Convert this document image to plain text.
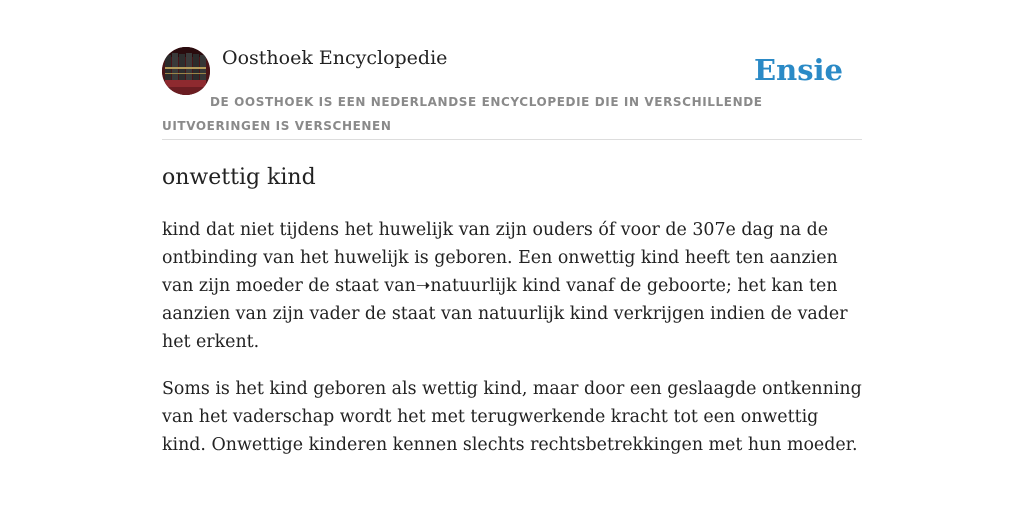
Oosthoek Encyclopedie	Ensie
DE OOSTHOEK IS EEN NEDERLANDSE ENCYCLOPEDIE DIE IN VERSCHILLENDE UITVOERINGEN IS VERSCHENEN
onwettig kind

kind dat niet tijdens het huwelijk van zijn ouders óf voor de 307e dag na de ontbinding van het huwelijk is geboren. Een onwettig kind heeft ten aanzien van zijn moeder de staat van➝natuurlijk kind vanaf de geboorte; het kan ten aanzien van zijn vader de staat van natuurlijk kind verkrijgen indien de vader het erkent.

Soms is het kind geboren als wettig kind, maar door een geslaagde ontkenning van het vaderschap wordt het met terugwerkende kracht tot een onwettig kind. Onwettige kinderen kennen slechts rechtsbetrekkingen met hun moeder.
